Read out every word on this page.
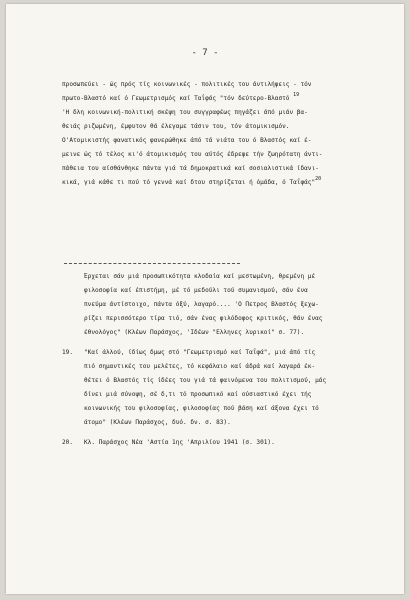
- 7 -
προσωπεύει - ώς πρός τίς κοινωνικές - πολιτικές του άντιλήψεις - τόν
πρωτο-Βλαστό καί ό Γεωμετρισμός καί Ταΐφάς "τόν δεύτερο-Βλαστό $^{19}$
'Η δλη κοινωνική-πολιτική σκέψη του συγγραφέως πηγάζει άπό μιάν βα-
θειάς ριζωμένη, έμφυτον θά έλεγαμε τάσιν του, τόν άτομικισμόν.
Ο'Ατομικιστής φανατικός φανερώθηκε άπό τά νιάτα του ό Βλαστός καί έ-
μεινε ώς τό τέλος κι'ό άτομικισμός του αύτός έδρεψε τήν ζωηρότατη άντι-
πάθεια του αίσθάνθηκε πάντα γιά τά δημοκρατικά καί σοσιαλιστικά ίδανι-
κικά, γιά κάθε τι πού τό γεννά καί δτου στηρίζεται ή όμάδα, ό Ταΐφάς"$^{20}$
Έρχεται σάν μιά προσωπικότητα κλοδαία καί μεστωμένη, θρεμένη μέ
φιλοσοφία καί έπιστήμη, μέ τό μεδούλι τού συμανισμού, σάν ένα
πνεύμα άντίστοιχο, πάντα όξύ, λαγαρό.... 'Ο Πετρος Βλαστός ξεχω-
ρίζει περισσότερο τίρα τιό, σάν ένας φιλόδοφος κριτικός, θάν ένας
έθνολόγος" (Κλέων Παράσχος, 'Ιδέων "Ελληνες λυρικοί" σ. 77).
19.	"Καί άλλού, ίδίως δμως στό "Γεωμετρισμό καί Ταΐφά", μιά άπό τίς
πιό σημαντικές του μελέτες, τό κεφάλαιο καί άδρά καί λαγαρά έκ-
θέτει ό Βλαστός τίς ίδέες του γιά τά φαινόμενα του πολιτισμού, μάς
δίνει μιά σύνοψη, σέ δ,τι τό προσωπικό καί ούσιαστικό έχει τής
κοινωνικής του φιλοσοφίας, φιλοσοφίας πού βάση καί άξονα έχει τό
άτομο" (Κλέων Παράσχος, δυό. δν. σ. 83).
20.	Κλ. Παράσχος Νέα 'Αστία 1ης 'Απριλίου 1941 (σ. 301).
